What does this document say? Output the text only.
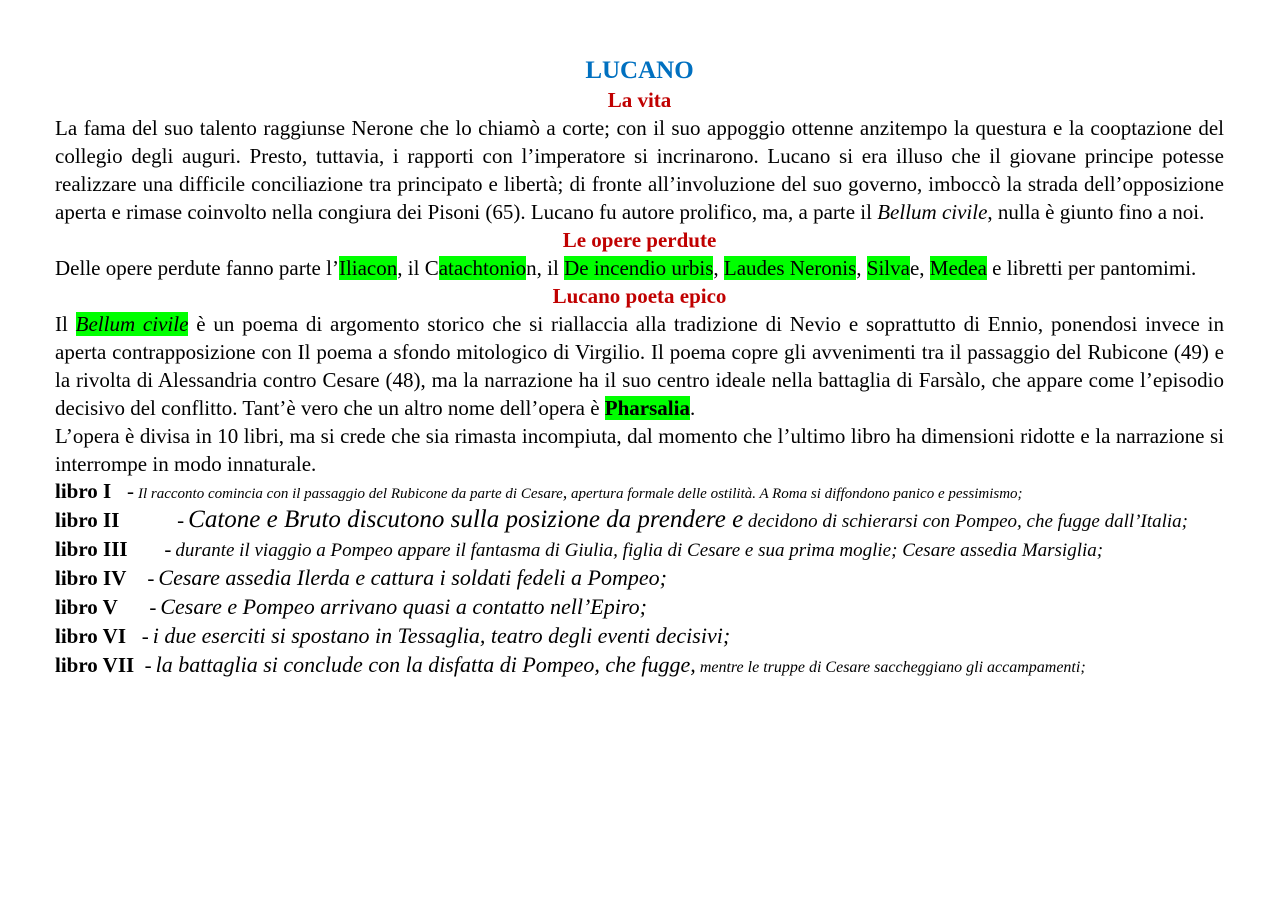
LUCANO
La vita

La fama del suo talento raggiunse Nerone che lo chiamò a corte; con il suo appoggio ottenne anzitempo la questura e la cooptazione del collegio degli auguri. Presto, tuttavia, i rapporti con l’imperatore si incrinarono. Lucano si era illuso che il giovane principe potesse realizzare una difficile conciliazione tra principato e libertà; di fronte all’involuzione del suo governo, imboccò la strada dell’opposizione aperta e rimase coinvolto nella congiura dei Pisoni (65). Lucano fu autore prolifico, ma, a parte il Bellum civile, nulla è giunto fino a noi.

Le opere perdute

Delle opere perdute fanno parte l’Iliacon, il Catachtonion, il De incendio urbis, Laudes Neronis, Silvae, Medea e libretti per pantomimi.

Lucano poeta epico

Il Bellum civile è un poema di argomento storico che si riallaccia alla tradizione di Nevio e soprattutto di Ennio, ponendosi invece in aperta contrapposizione con Il poema a sfondo mitologico di Virgilio. Il poema copre gli avvenimenti tra il passaggio del Rubicone (49) e la rivolta di Alessandria contro Cesare (48), ma la narrazione ha il suo centro ideale nella battaglia di Farsàlo, che appare come l’episodio decisivo del conflitto. Tant’è vero che un altro nome dell’opera è Pharsalia.

L’opera è divisa in 10 libri, ma si crede che sia rimasta incompiuta, dal momento che l’ultimo libro ha dimensioni ridotte e la narrazione si interrompe in modo innaturale.

libro I - Il racconto comincia con il passaggio del Rubicone da parte di Cesare, apertura formale delle ostilità. A Roma si diffondono panico e pessimismo;

libro II	- Catone e Bruto discutono sulla posizione da prendere e decidono di schierarsi con Pompeo, che fugge dall’Italia;

libro III - durante il viaggio a Pompeo appare il fantasma di Giulia, figlia di Cesare e sua prima moglie; Cesare assedia Marsiglia;

libro IV - Cesare assedia Ilerda e cattura i soldati fedeli a Pompeo;

libro V - Cesare e Pompeo arrivano quasi a contatto nell’Epiro;

libro VI - i due eserciti si spostano in Tessaglia, teatro degli eventi decisivi;

libro VII - la battaglia si conclude con la disfatta di Pompeo, che fugge, mentre le truppe di Cesare saccheggiano gli accampamenti;
